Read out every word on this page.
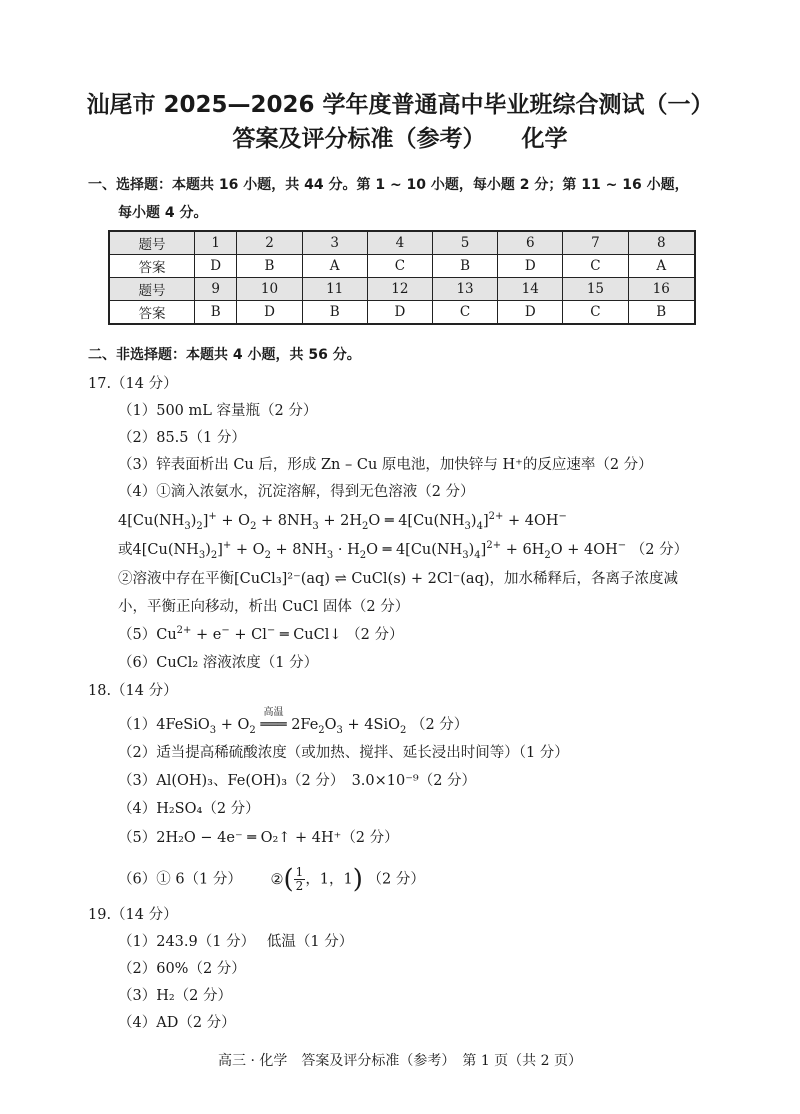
汕尾市 2025—2026 学年度普通高中毕业班综合测试（一）
答案及评分标准（参考） 化学
一、选择题：本题共 16 小题，共 44 分。第 1 ~ 10 小题，每小题 2 分；第 11 ~ 16 小题，
每小题 4 分。
题号	1	2	3	4	5	6	7	8
答案	D	B	A	C	B	D	C	A
题号	9	10	11	12	13	14	15	16
答案	B	D	B	D	C	D	C	B
二、非选择题：本题共 4 小题，共 56 分。
17.（14 分）
（1）500 mL 容量瓶（2 分）
（2）85.5（1 分）
（3）锌表面析出 Cu 后，形成 Zn – Cu 原电池，加快锌与 H⁺的反应速率（2 分）
（4）①滴入浓氨水，沉淀溶解，得到无色溶液（2 分）
$4[Cu(NH_3)_2]^+ + O_2 + 8NH_3 + 2H_2O$ ═ $4[Cu(NH_3)_4]^{2+} + 4OH^-$
或$4[Cu(NH_3)_2]^+ + O_2 + 8NH_3 \cdot H_2O$ ═ $4[Cu(NH_3)_4]^{2+} + 6H_2O + 4OH^-$ （2 分）
②溶液中存在平衡[CuCl₃]²⁻(aq) ⇌ CuCl(s) + 2Cl⁻(aq)，加水稀释后，各离子浓度减
小，平衡正向移动，析出 CuCl 固体（2 分）
$(5)Cu^{2+} + e^- + Cl^-$ ═ CuCl↓ （2 分）
（6）CuCl₂ 溶液浓度（1 分）
18.（14 分）
（1）4FeSiO$_3$ + $O_2$
高温
═══ $2Fe_2O_3 + 4SiO_2$ （2 分）
（2）适当提高稀硫酸浓度（或加热、搅拌、延长浸出时间等）（1 分）
（3）Al(OH)₃、Fe(OH)₃（2 分）　3.0×10⁻⁹（2 分）
（4）H₂SO₄（2 分）
（5）2H₂O − 4e⁻ ═ O₂↑ + 4H⁺（2 分）
（6）① 6（1 分） ②( $\frac{1}{2}$ ，1，1) （2 分）
19.（14 分）
（1）243.9（1 分）　 低温（1 分）
（2）60%（2 分）
（3）H₂（2 分）
（4）AD（2 分）
高三 · 化学　答案及评分标准（参考）　第 1 页（共 2 页）
